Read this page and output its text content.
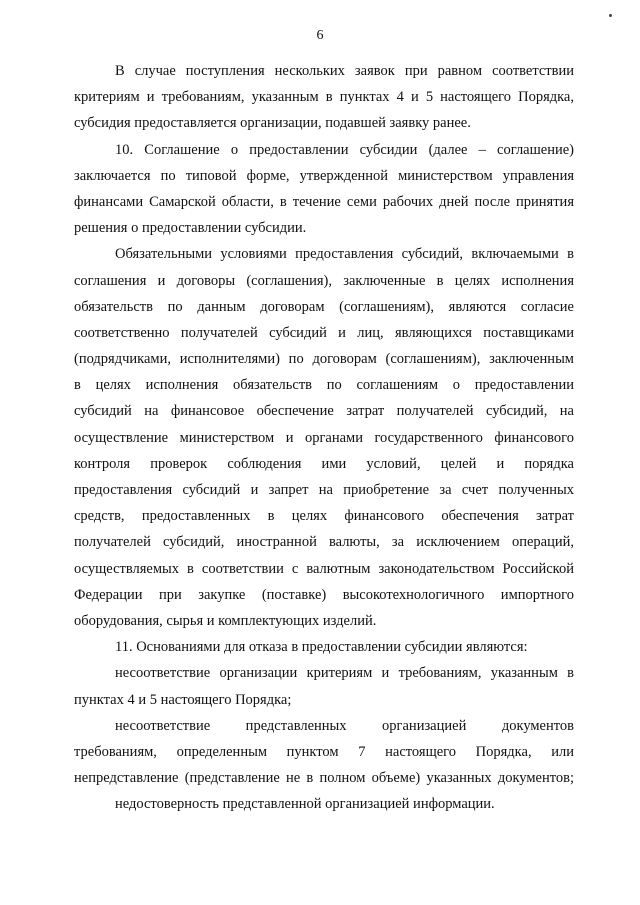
6
В случае поступления нескольких заявок при равном соответствии
критериям и требованиям, указанным в пунктах 4 и 5 настоящего Порядка,
субсидия предоставляется организации, подавшей заявку ранее.
10. Соглашение о предоставлении субсидии (далее – соглашение)
заключается по типовой форме, утвержденной министерством управления
финансами Самарской области, в течение семи рабочих дней после принятия
решения о предоставлении субсидии.
Обязательными условиями предоставления субсидий, включаемыми в
соглашения и договоры (соглашения), заключенные в целях исполнения
обязательств по данным договорам (соглашениям), являются согласие
соответственно получателей субсидий и лиц, являющихся поставщиками
(подрядчиками, исполнителями) по договорам (соглашениям), заключенным
в целях исполнения обязательств по соглашениям о предоставлении
субсидий на финансовое обеспечение затрат получателей субсидий, на
осуществление министерством и органами государственного финансового
контроля проверок соблюдения ими условий, целей и порядка
предоставления субсидий и запрет на приобретение за счет полученных
средств, предоставленных в целях финансового обеспечения затрат
получателей субсидий, иностранной валюты, за исключением операций,
осуществляемых в соответствии с валютным законодательством Российской
Федерации при закупке (поставке) высокотехнологичного импортного
оборудования, сырья и комплектующих изделий.
11. Основаниями для отказа в предоставлении субсидии являются:
несоответствие организации критериям и требованиям, указанным в
пунктах 4 и 5 настоящего Порядка;
несоответствие представленных организацией документов
требованиям, определенным пунктом 7 настоящего Порядка, или
непредставление (представление не в полном объеме) указанных документов;
недостоверность представленной организацией информации.
